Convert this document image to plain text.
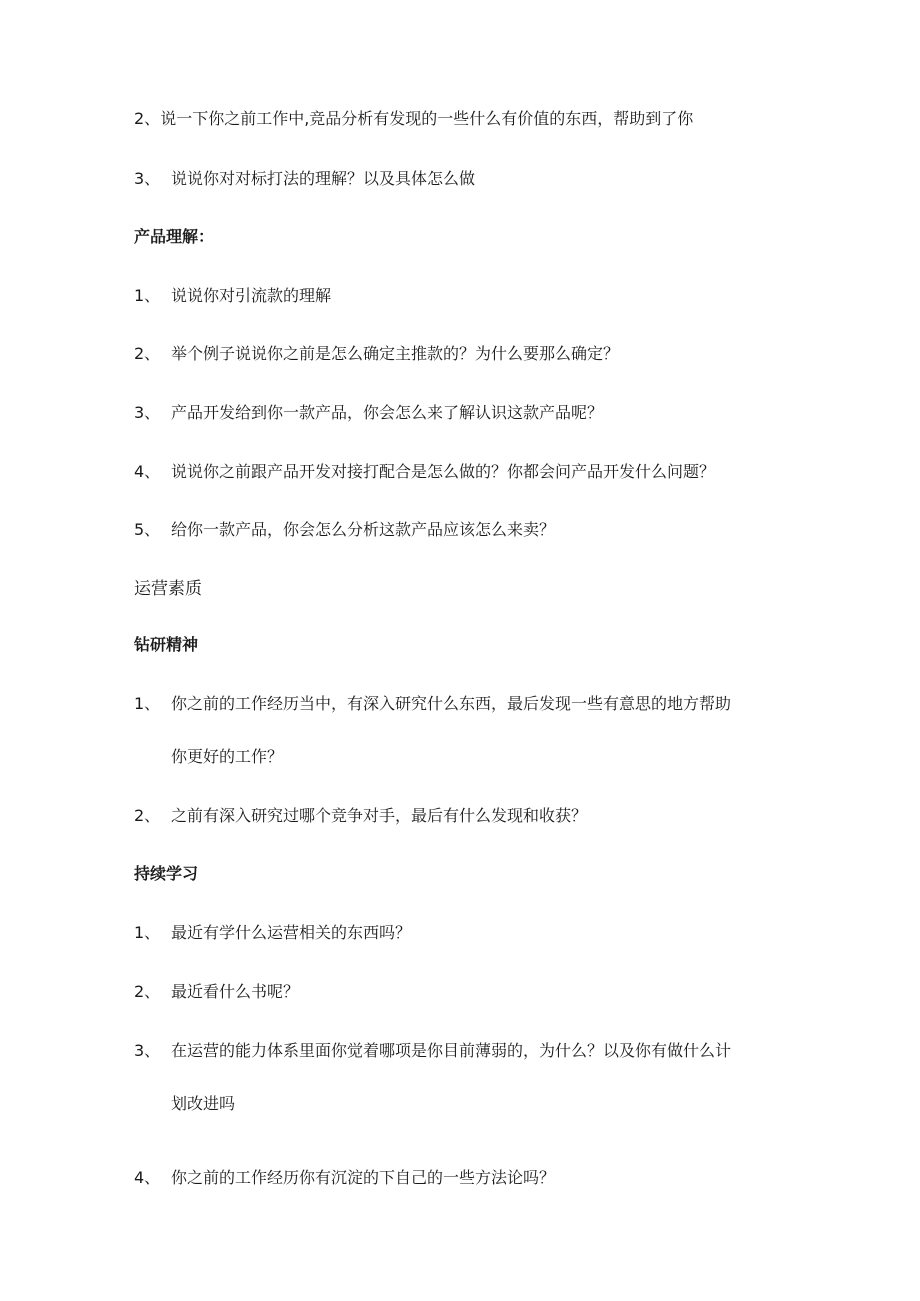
2、说一下你之前工作中,竞品分析有发现的一些什么有价值的东西，帮助到了你
3、 说说你对对标打法的理解？以及具体怎么做
产品理解：
1、 说说你对引流款的理解
2、 举个例子说说你之前是怎么确定主推款的？为什么要那么确定？
3、 产品开发给到你一款产品，你会怎么来了解认识这款产品呢？
4、 说说你之前跟产品开发对接打配合是怎么做的？你都会问产品开发什么问题？
5、 给你一款产品，你会怎么分析这款产品应该怎么来卖？
运营素质
钻研精神
1、 你之前的工作经历当中，有深入研究什么东西，最后发现一些有意思的地方帮助
你更好的工作？
2、 之前有深入研究过哪个竞争对手，最后有什么发现和收获？
持续学习
1、 最近有学什么运营相关的东西吗？
2、 最近看什么书呢？
3、 在运营的能力体系里面你觉着哪项是你目前薄弱的，为什么？以及你有做什么计
划改进吗
4、 你之前的工作经历你有沉淀的下自己的一些方法论吗？
